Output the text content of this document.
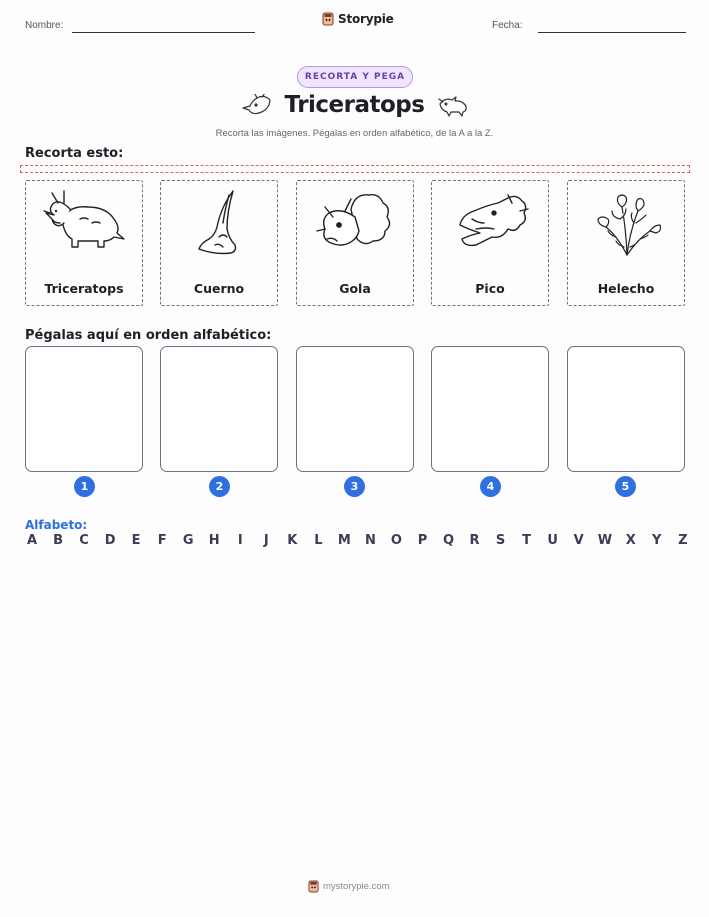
Nombre:	Storypie	Fecha:
RECORTA Y PEGA
Triceratops
Recorta las imágenes. Pégalas en orden alfabético, de la A a la Z.
Recorta esto:
Triceratops	Cuerno	Gola	Pico	Helecho
Pégalas aquí en orden alfabético:
1	2	3	4	5
Alfabeto:
A B C D E F G H	I	J	K L M N O P Q R S T U V W X Y Z
mystorypie.com
